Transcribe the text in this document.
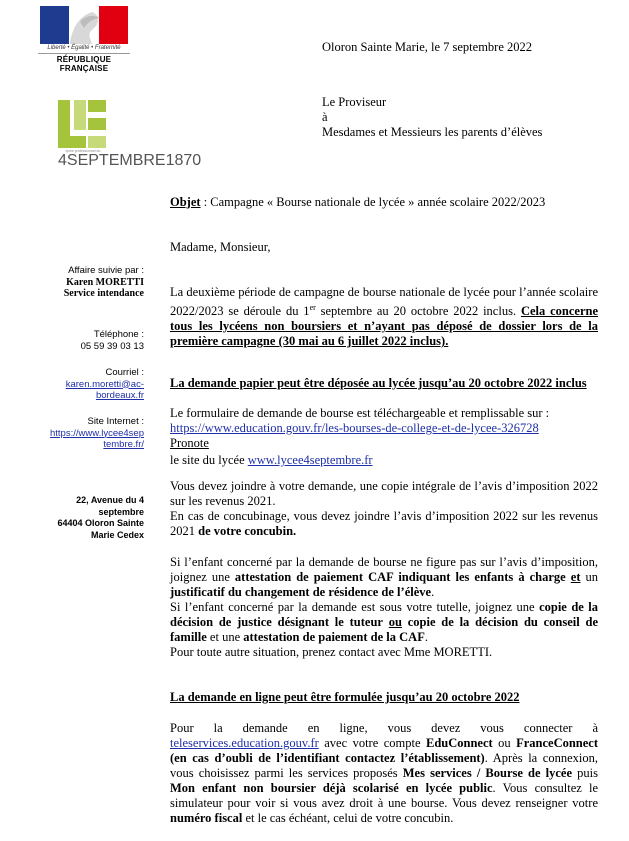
Liberté • Égalité • Fraternité
RÉPUBLIQUE FRANÇAISE
lycée professionnel du
4SEPTEMBRE1870
Oloron Sainte Marie, le 7 septembre 2022
Le Proviseur
à
Mesdames et Messieurs les parents d’élèves
Objet : Campagne « Bourse nationale de lycée » année scolaire 2022/2023
Madame, Monsieur,
Affaire suivie par :
Karen MORETTI
Service intendance
Téléphone :
05 59 39 03 13
Courriel :
karen.moretti@ac-
bordeaux.fr
Site Internet :
https://www.lycee4sep
tembre.fr/
22, Avenue du 4
septembre
64404 Oloron Sainte
Marie Cedex

La deuxième période de campagne de bourse nationale de lycée pour l’année scolaire 2022/2023 se déroule du 1er septembre au 20 octobre 2022 inclus. Cela concerne tous les lycéens non boursiers et n’ayant pas déposé de dossier lors de la première campagne (30 mai au 6 juillet 2022 inclus).

La demande papier peut être déposée au lycée jusqu’au 20 octobre 2022 inclus

Le formulaire de demande de bourse est téléchargeable et remplissable sur :
https://www.education.gouv.fr/les-bourses-de-college-et-de-lycee-326728
Pronote
le site du lycée www.lycee4septembre.fr

Vous devez joindre à votre demande, une copie intégrale de l’avis d’imposition 2022 sur les revenus 2021.

En cas de concubinage, vous devez joindre l’avis d’imposition 2022 sur les revenus 2021 de votre concubin.

Si l’enfant concerné par la demande de bourse ne figure pas sur l’avis d’imposition, joignez une attestation de paiement CAF indiquant les enfants à charge et un justificatif du changement de résidence de l’élève.

Si l’enfant concerné par la demande est sous votre tutelle, joignez une copie de la décision de justice désignant le tuteur ou copie de la décision du conseil de famille et une attestation de paiement de la CAF.

Pour toute autre situation, prenez contact avec Mme MORETTI.

La demande en ligne peut être formulée jusqu’au 20 octobre 2022

Pour la demande en ligne, vous devez vous connecter à teleservices.education.gouv.fr avec votre compte EduConnect ou FranceConnect (en cas d’oubli de l’identifiant contactez l’établissement). Après la connexion, vous choisissez parmi les services proposés Mes services / Bourse de lycée puis Mon enfant non boursier déjà scolarisé en lycée public. Vous consultez le simulateur pour voir si vous avez droit à une bourse. Vous devez renseigner votre numéro fiscal et le cas échéant, celui de votre concubin.
